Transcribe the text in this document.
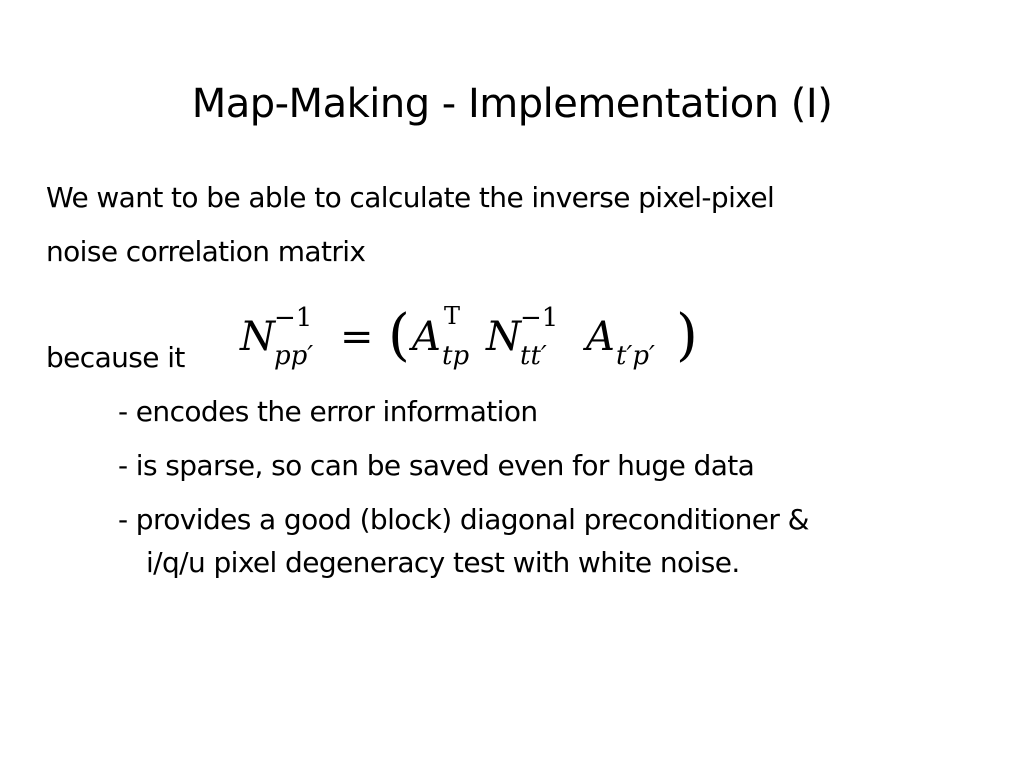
Map-Making - Implementation (I)
We want to be able to calculate the inverse pixel-pixel
noise correlation matrix
because it N −1
pp′ = ( A T
tp N −1
tt′ A t′p′ )
- encodes the error information
- is sparse, so can be saved even for huge data
- provides a good (block) diagonal preconditioner &
i/q/u pixel degeneracy test with white noise.
